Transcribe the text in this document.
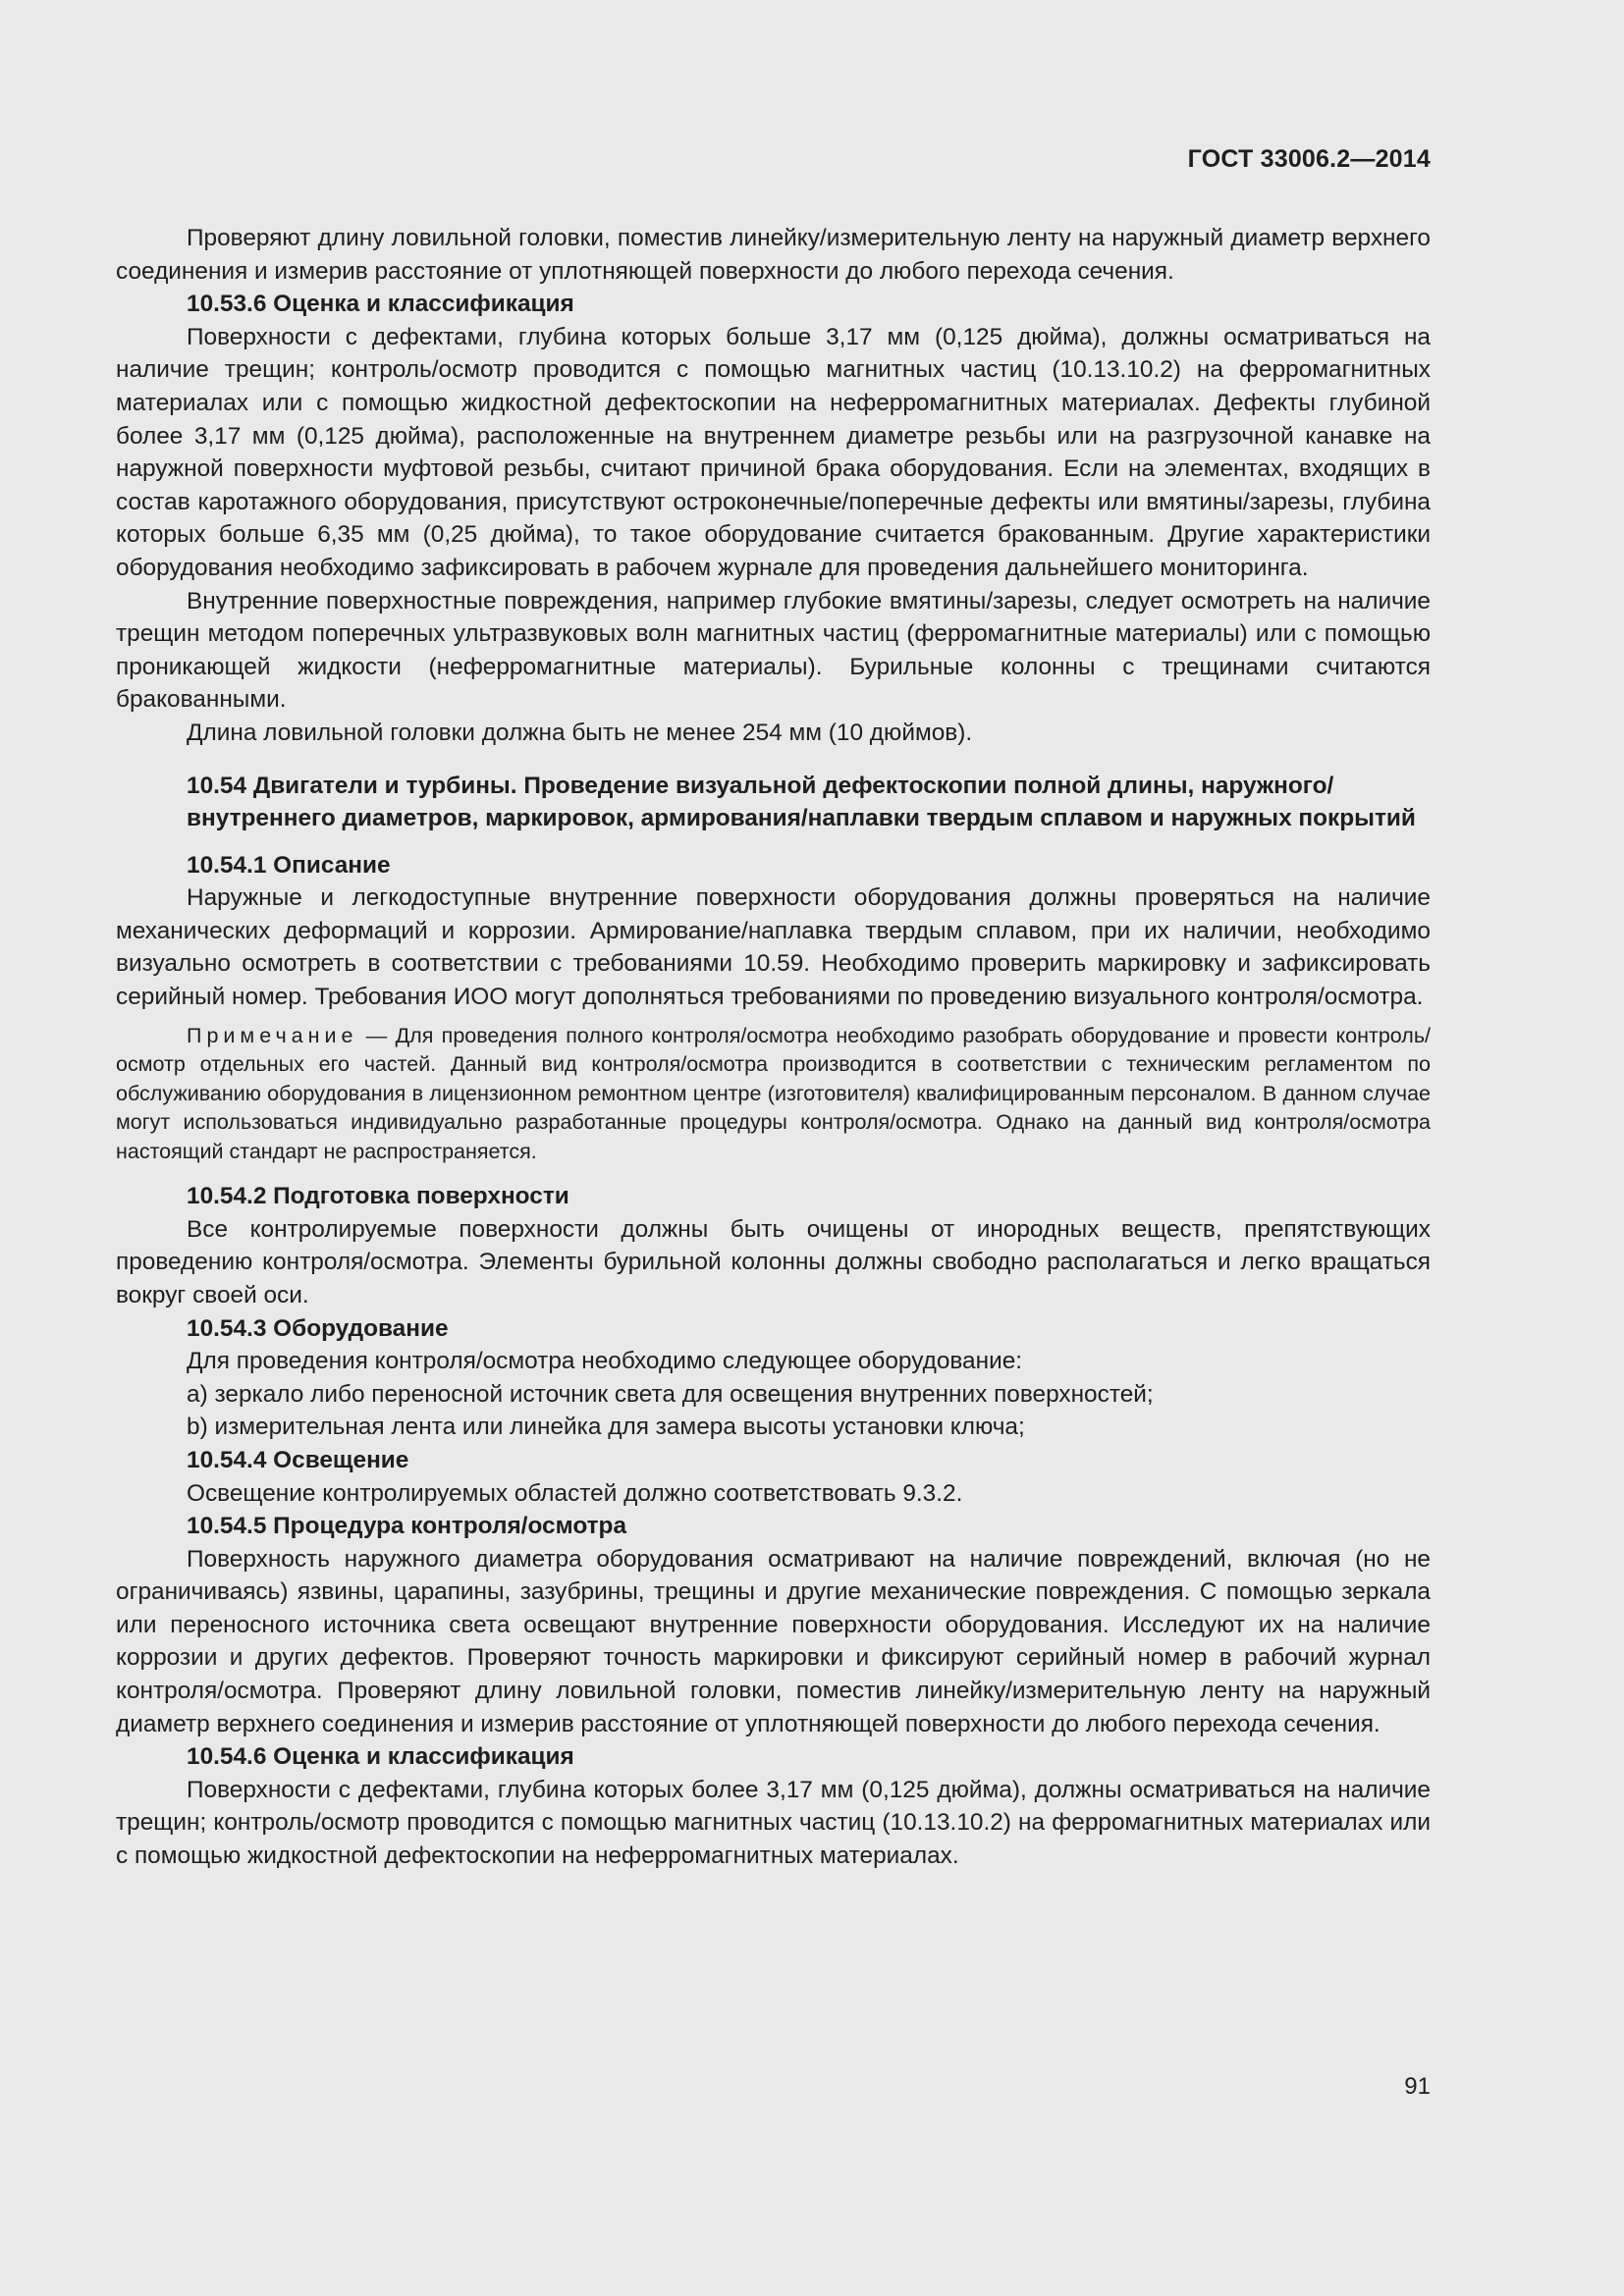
ГОСТ 33006.2—2014

Проверяют длину ловильной головки, поместив линейку/измерительную ленту на наружный диаметр верхнего соединения и измерив расстояние от уплотняющей поверхности до любого перехода сечения.

10.53.6 Оценка и классификация

Поверхности с дефектами, глубина которых больше 3,17 мм (0,125 дюйма), должны осматриваться на наличие трещин; контроль/осмотр проводится с помощью магнитных частиц (10.13.10.2) на ферромагнитных материалах или с помощью жидкостной дефектоскопии на неферромагнитных материалах. Дефекты глубиной более 3,17 мм (0,125 дюйма), расположенные на внутреннем диаметре резьбы или на разгрузочной канавке на наружной поверхности муфтовой резьбы, считают причиной брака оборудования. Если на элементах, входящих в состав каротажного оборудования, присутствуют остроконечные/поперечные дефекты или вмятины/зарезы, глубина которых больше 6,35 мм (0,25 дюйма), то такое оборудование считается бракованным. Другие характеристики оборудования необходимо зафиксировать в рабочем журнале для проведения дальнейшего мониторинга.

Внутренние поверхностные повреждения, например глубокие вмятины/зарезы, следует осмотреть на наличие трещин методом поперечных ультразвуковых волн магнитных частиц (ферромагнитные материалы) или с помощью проникающей жидкости (неферромагнитные материалы). Бурильные колонны с трещинами считаются бракованными.

Длина ловильной головки должна быть не менее 254 мм (10 дюймов).

10.54 Двигатели и турбины. Проведение визуальной дефектоскопии полной длины, наружного/внутреннего диаметров, маркировок, армирования/наплавки твердым сплавом и наружных покрытий
10.54.1 Описание

Наружные и легкодоступные внутренние поверхности оборудования должны проверяться на наличие механических деформаций и коррозии. Армирование/наплавка твердым сплавом, при их наличии, необходимо визуально осмотреть в соответствии с требованиями 10.59. Необходимо проверить маркировку и зафиксировать серийный номер. Требования ИОО могут дополняться требованиями по проведению визуального контроля/осмотра.

Примечание — Для проведения полного контроля/осмотра необходимо разобрать оборудование и провести контроль/осмотр отдельных его частей. Данный вид контроля/осмотра производится в соответствии с техническим регламентом по обслуживанию оборудования в лицензионном ремонтном центре (изготовителя) квалифицированным персоналом. В данном случае могут использоваться индивидуально разработанные процедуры контроля/осмотра. Однако на данный вид контроля/осмотра настоящий стандарт не распространяется.

10.54.2 Подготовка поверхности

Все контролируемые поверхности должны быть очищены от инородных веществ, препятствующих проведению контроля/осмотра. Элементы бурильной колонны должны свободно располагаться и легко вращаться вокруг своей оси.

10.54.3 Оборудование

Для проведения контроля/осмотра необходимо следующее оборудование:

a) зеркало либо переносной источник света для освещения внутренних поверхностей;
b) измерительная лента или линейка для замера высоты установки ключа;
10.54.4 Освещение

Освещение контролируемых областей должно соответствовать 9.3.2.

10.54.5 Процедура контроля/осмотра

Поверхность наружного диаметра оборудования осматривают на наличие повреждений, включая (но не ограничиваясь) язвины, царапины, зазубрины, трещины и другие механические повреждения. С помощью зеркала или переносного источника света освещают внутренние поверхности оборудования. Исследуют их на наличие коррозии и других дефектов. Проверяют точность маркировки и фиксируют серийный номер в рабочий журнал контроля/осмотра. Проверяют длину ловильной головки, поместив линейку/измерительную ленту на наружный диаметр верхнего соединения и измерив расстояние от уплотняющей поверхности до любого перехода сечения.

10.54.6 Оценка и классификация

Поверхности с дефектами, глубина которых более 3,17 мм (0,125 дюйма), должны осматриваться на наличие трещин; контроль/осмотр проводится с помощью магнитных частиц (10.13.10.2) на ферромагнитных материалах или с помощью жидкостной дефектоскопии на неферромагнитных материалах.

91
